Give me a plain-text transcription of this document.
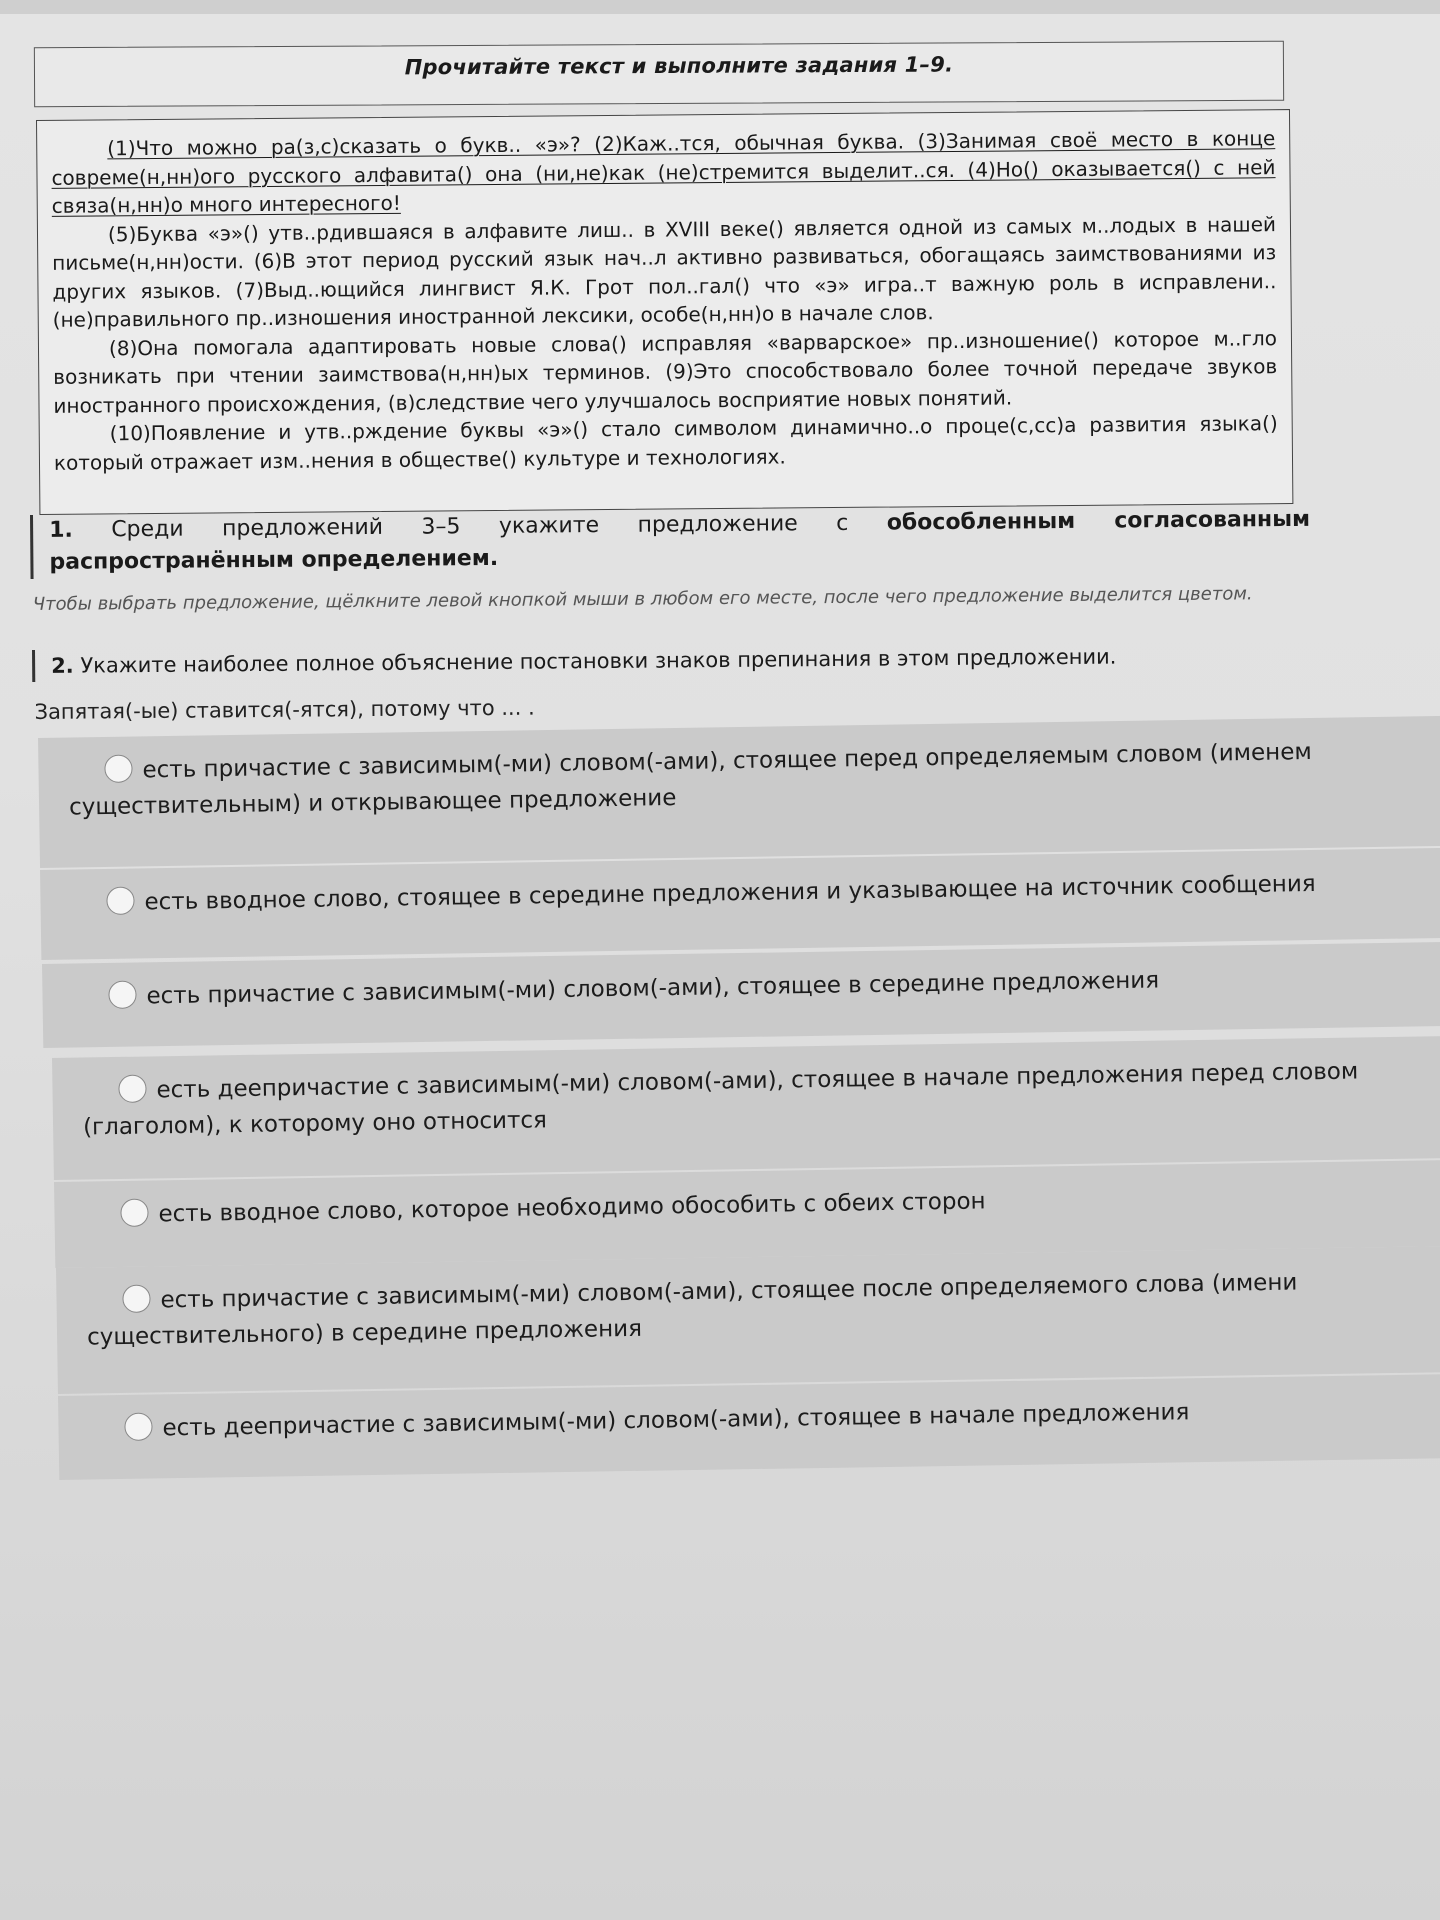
Прочитайте текст и выполните задания 1–9.

(1)Что можно ра(з,с)сказать о букв.. «э»? (2)Каж..тся, обычная буква. (3)Занимая своё место в конце совреме(н,нн)ого русского алфавита() она (ни,не)как (не)стремится выделит..ся. (4)Но() оказывается() с ней связа(н,нн)о много интересного!

(5)Буква «э»() утв..рдившаяся в алфавите лиш.. в XVIII веке() является одной из самых м..лодых в нашей письме(н,нн)ости. (6)В этот период русский язык нач..л активно развиваться, обогащаясь заимствованиями из других языков. (7)Выд..ющийся лингвист Я.К. Грот пол..гал() что «э» игра..т важную роль в исправлени.. (не)правильного пр..изношения иностранной лексики, особе(н,нн)о в начале слов.

(8)Она помогала адаптировать новые слова() исправляя «варварское» пр..изношение() которое м..гло возникать при чтении заимствова(н,нн)ых терминов. (9)Это способствовало более точной передаче звуков иностранного происхождения, (в)следствие чего улучшалось восприятие новых понятий.

(10)Появление и утв..рждение буквы «э»() стало символом динамично..о проце(с,сс)а развития языка() который отражает изм..нения в обществе() культуре и технологиях.

1. Среди предложений 3–5 укажите предложение с обособленным согласованным распространённым определением.
Чтобы выбрать предложение, щёлкните левой кнопкой мыши в любом его месте, после чего предложение выделится цветом.
2. Укажите наиболее полное объяснение постановки знаков препинания в этом предложении.
Запятая(-ые) ставится(-ятся), потому что ... .
есть причастие с зависимым(-ми) словом(-ами), стоящее перед определяемым словом (именем существительным) и открывающее предложение
есть вводное слово, стоящее в середине предложения и указывающее на источник сообщения
есть причастие с зависимым(-ми) словом(-ами), стоящее в середине предложения
есть деепричастие с зависимым(-ми) словом(-ами), стоящее в начале предложения перед словом (глаголом), к которому оно относится
есть вводное слово, которое необходимо обособить с обеих сторон
есть причастие с зависимым(-ми) словом(-ами), стоящее после определяемого слова (имени существительного) в середине предложения
есть деепричастие с зависимым(-ми) словом(-ами), стоящее в начале предложения
